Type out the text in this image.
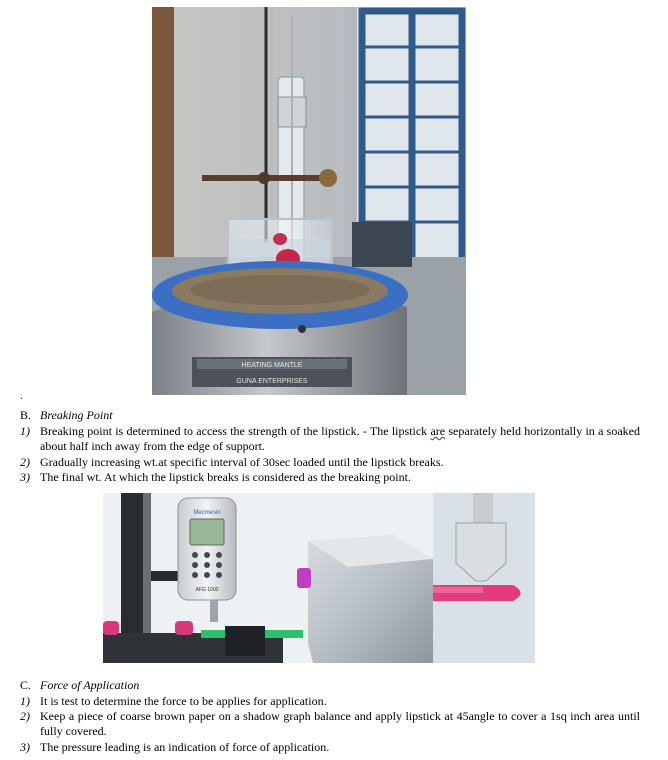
HEATING MANTLE
GUNA ENTERPRISES
.
B. Breaking Point
1) Breaking point is determined to access the strength of the lipstick. - The lipstick are separately held horizontally in a soaked about half inch away from the edge of support.
2) Gradually increasing wt.at specific interval of 30sec loaded until the lipstick breaks.
3) The final wt. At which the lipstick breaks is considered as the breaking point.
Mecmesin
AFG 1000
C. Force of Application
1) It is test to determine the force to be applies for application.
2) Keep a piece of coarse brown paper on a shadow graph balance and apply lipstick at 45angle to cover a 1sq inch area until fully covered.
3) The pressure leading is an indication of force of application.
